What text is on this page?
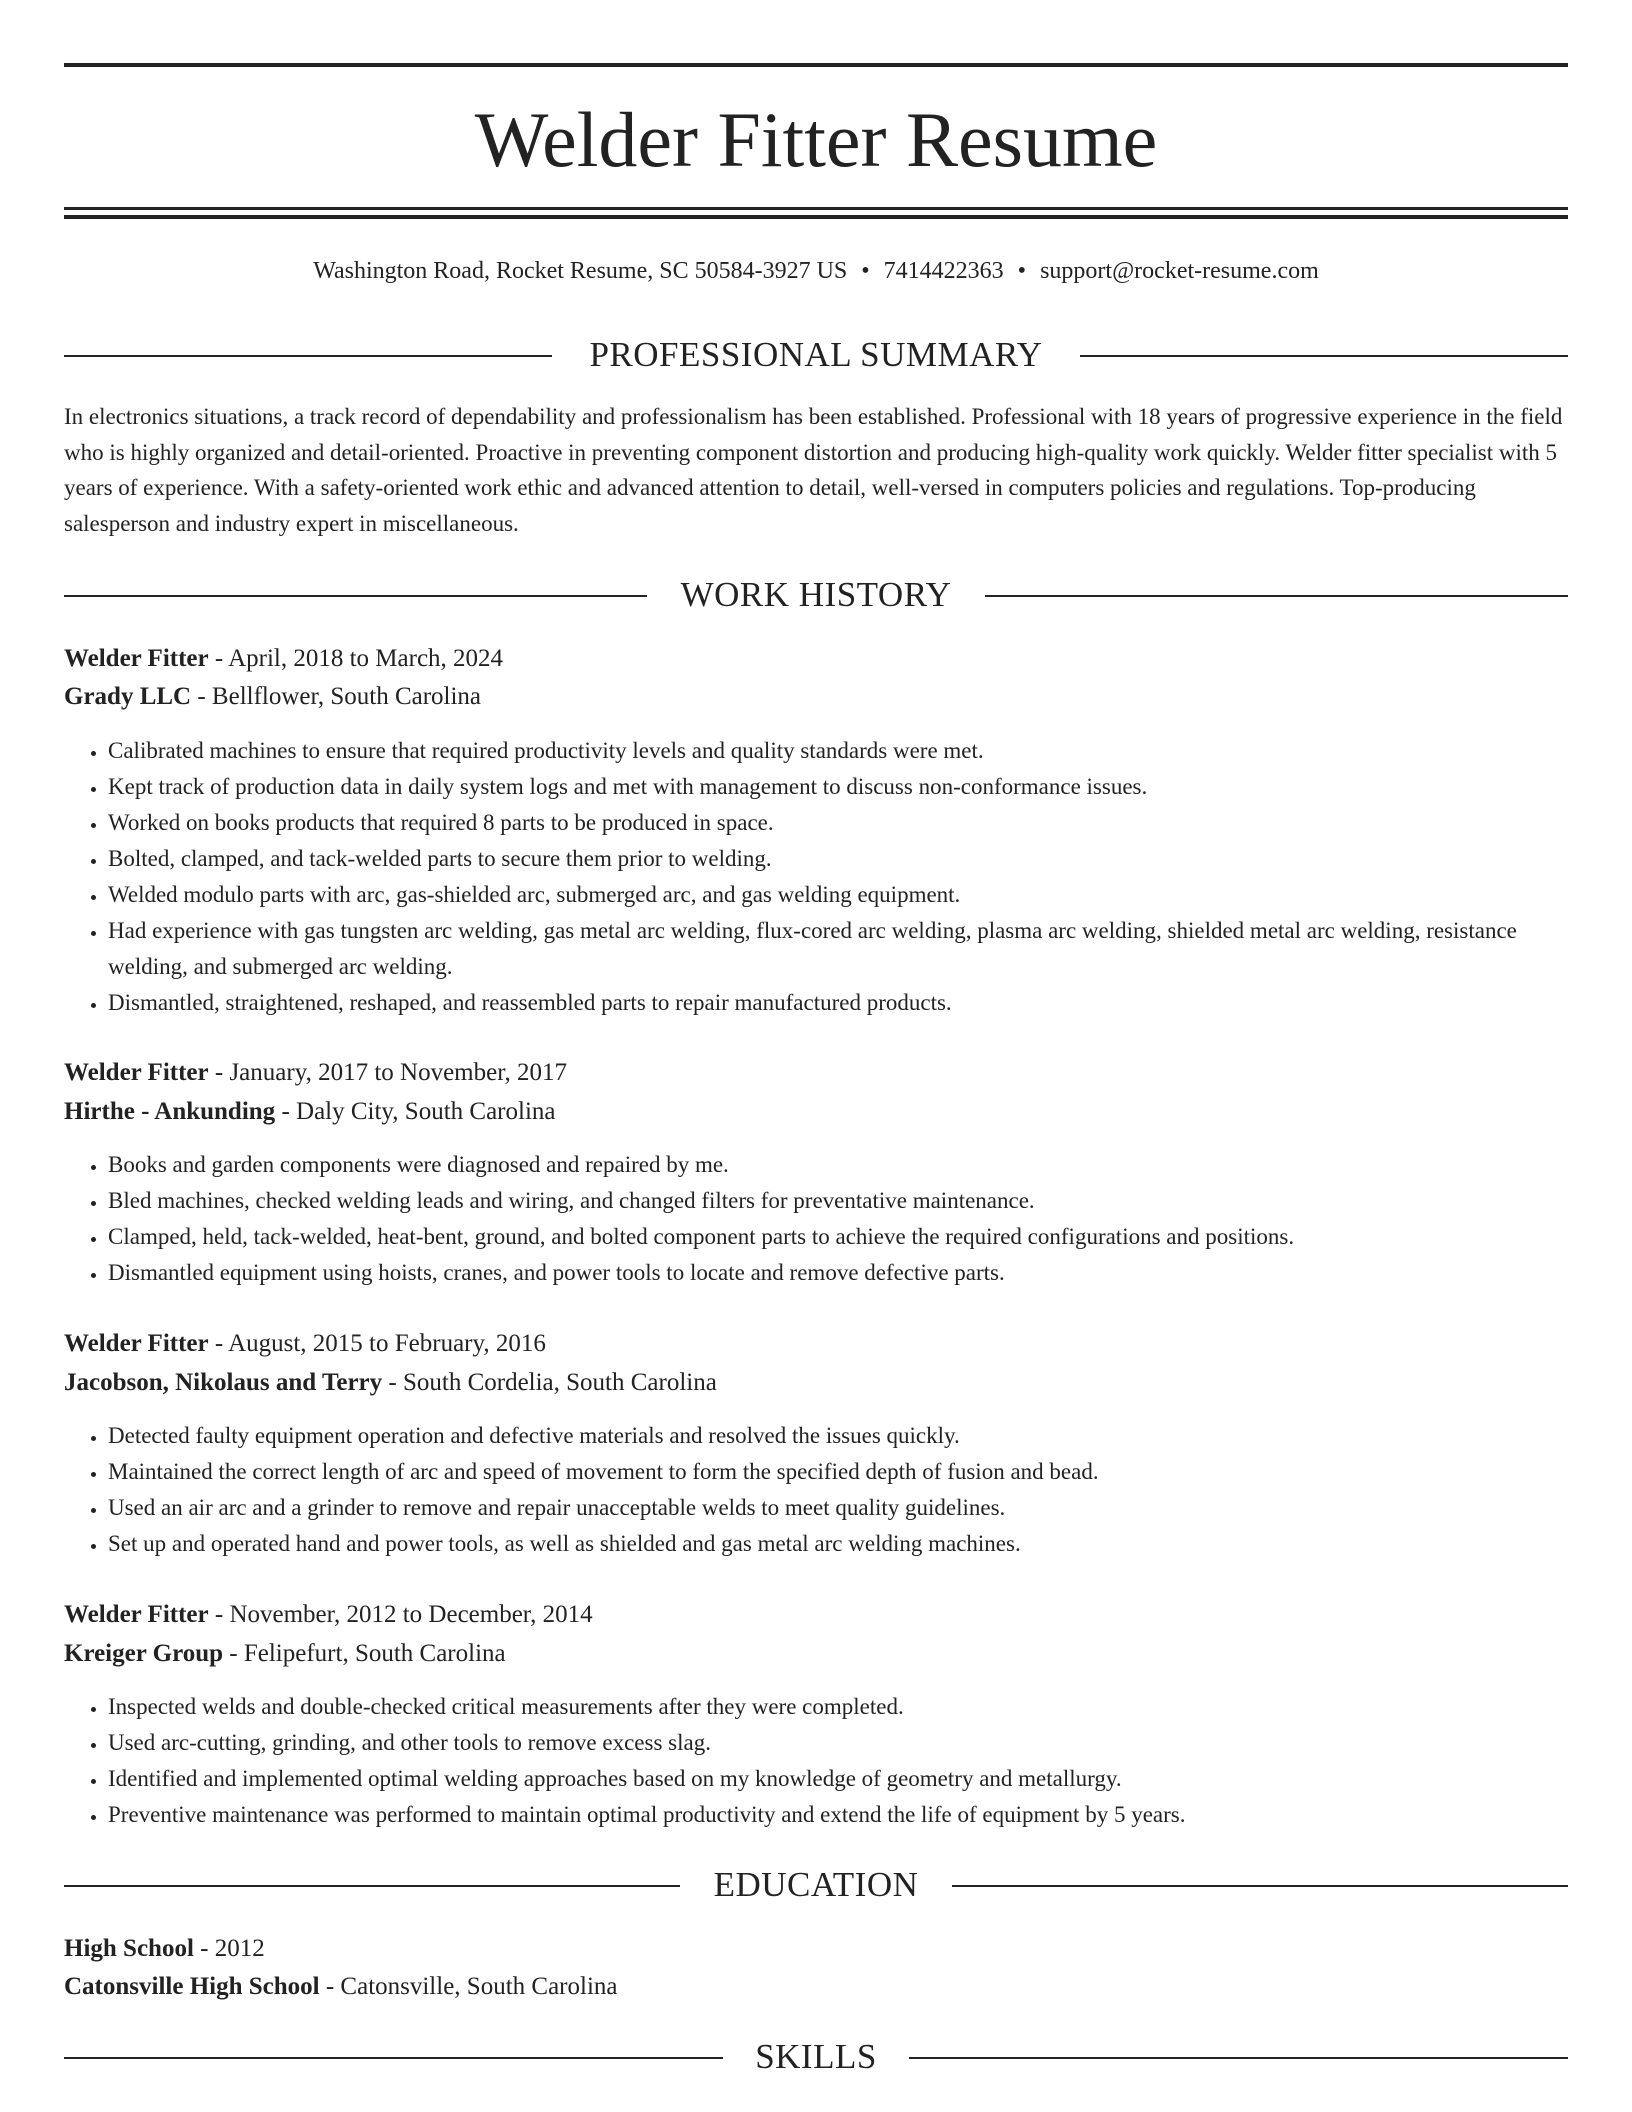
Welder Fitter Resume
Washington Road, Rocket Resume, SC 50584-3927 US • 7414422363 • support@rocket-resume.com
PROFESSIONAL SUMMARY

In electronics situations, a track record of dependability and professionalism has been established. Professional with 18 years of progressive experience in the field who is highly organized and detail-oriented. Proactive in preventing component distortion and producing high-quality work quickly. Welder fitter specialist with 5 years of experience. With a safety-oriented work ethic and advanced attention to detail, well-versed in computers policies and regulations. Top-producing salesperson and industry expert in miscellaneous.

WORK HISTORY

Welder Fitter - April, 2018 to March, 2024

Grady LLC - Bellflower, South Carolina

• Calibrated machines to ensure that required productivity levels and quality standards were met.
• Kept track of production data in daily system logs and met with management to discuss non-conformance issues.
• Worked on books products that required 8 parts to be produced in space.
• Bolted, clamped, and tack-welded parts to secure them prior to welding.
• Welded modulo parts with arc, gas-shielded arc, submerged arc, and gas welding equipment.
• Had experience with gas tungsten arc welding, gas metal arc welding, flux-cored arc welding, plasma arc welding, shielded metal arc welding, resistance welding, and submerged arc welding.
• Dismantled, straightened, reshaped, and reassembled parts to repair manufactured products.

Welder Fitter - January, 2017 to November, 2017

Hirthe - Ankunding - Daly City, South Carolina

• Books and garden components were diagnosed and repaired by me.
• Bled machines, checked welding leads and wiring, and changed filters for preventative maintenance.
• Clamped, held, tack-welded, heat-bent, ground, and bolted component parts to achieve the required configurations and positions.
• Dismantled equipment using hoists, cranes, and power tools to locate and remove defective parts.

Welder Fitter - August, 2015 to February, 2016

Jacobson, Nikolaus and Terry - South Cordelia, South Carolina

• Detected faulty equipment operation and defective materials and resolved the issues quickly.
• Maintained the correct length of arc and speed of movement to form the specified depth of fusion and bead.
• Used an air arc and a grinder to remove and repair unacceptable welds to meet quality guidelines.
• Set up and operated hand and power tools, as well as shielded and gas metal arc welding machines.

Welder Fitter - November, 2012 to December, 2014

Kreiger Group - Felipefurt, South Carolina

• Inspected welds and double-checked critical measurements after they were completed.
• Used arc-cutting, grinding, and other tools to remove excess slag.
• Identified and implemented optimal welding approaches based on my knowledge of geometry and metallurgy.
• Preventive maintenance was performed to maintain optimal productivity and extend the life of equipment by 5 years.
EDUCATION

High School - 2012

Catonsville High School - Catonsville, South Carolina

SKILLS
